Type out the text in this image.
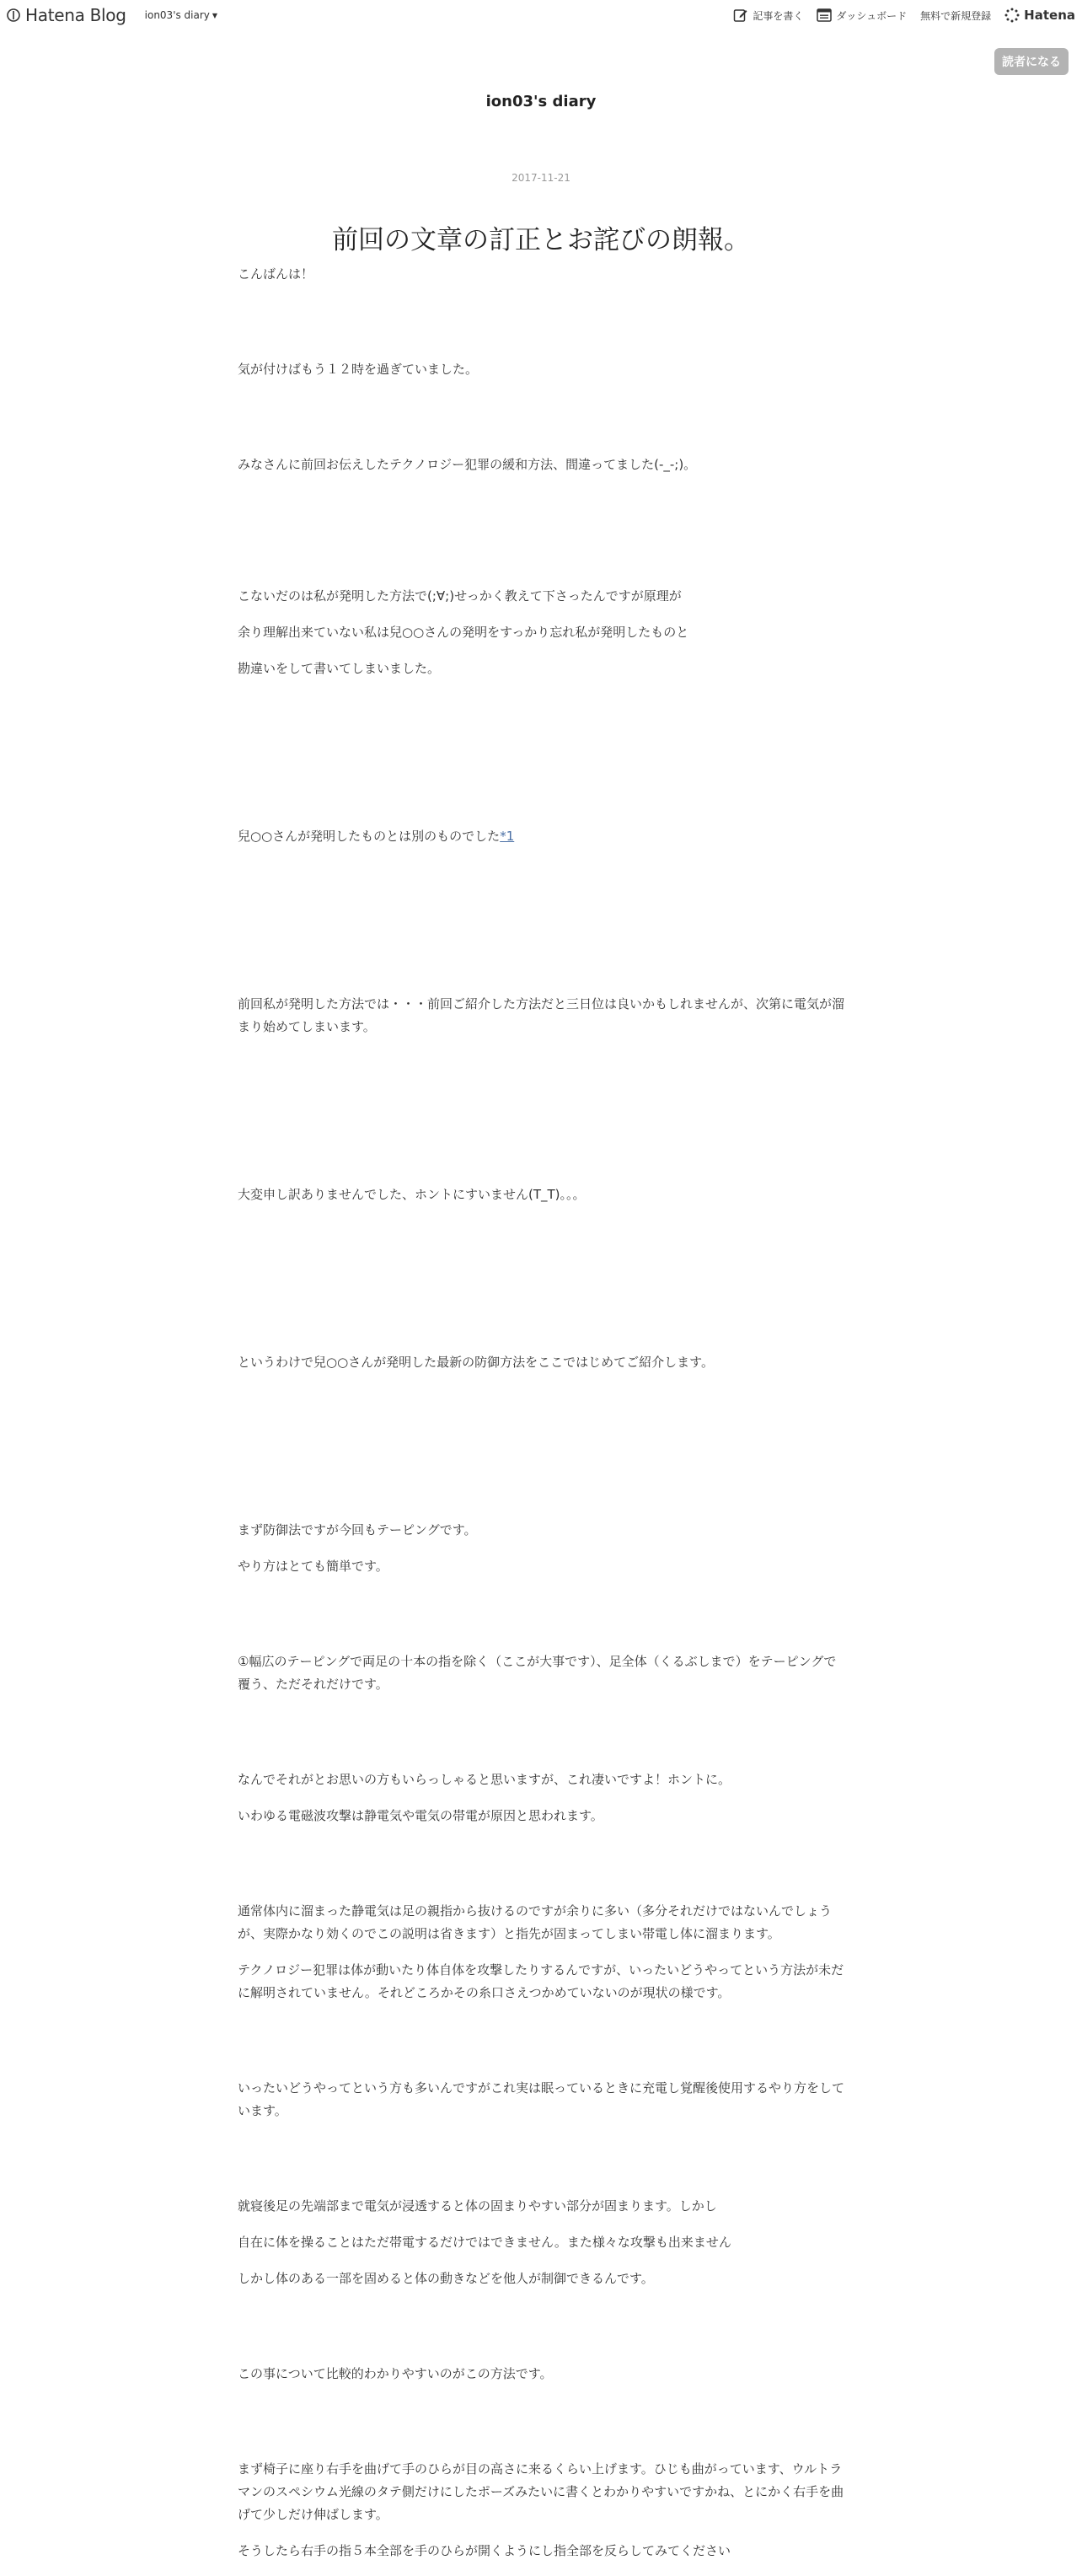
Hatena Blog ion03's diary ▼	記事を書く	ダッシュボード 無料で新規登録	Hatena
読者になる
ion03's diary
2017-11-21
前回の文章の訂正とお詫びの朗報。

こんばんは！

気が付けばもう１２時を過ぎていました。

みなさんに前回お伝えしたテクノロジー犯罪の緩和方法、間違ってました(-_-;)。

こないだのは私が発明した方法で(;∀;)せっかく教えて下さったんですが原理が

余り理解出来ていない私は兒○○さんの発明をすっかり忘れ私が発明したものと

勘違いをして書いてしまいました。

兒○○さんが発明したものとは別のものでした*1

前回私が発明した方法では・・・前回ご紹介した方法だと三日位は良いかもしれませんが、次第に電気が溜まり始めてしまいます。

大変申し訳ありませんでした、ホントにすいません(T_T)。。。

というわけで兒○○さんが発明した最新の防御方法をここではじめてご紹介します。

まず防御法ですが今回もテーピングです。

やり方はとても簡単です。

①幅広のテーピングで両足の十本の指を除く（ここが大事です）、足全体（くるぶしまで）をテーピングで覆う、ただそれだけです。

なんでそれがとお思いの方もいらっしゃると思いますが、これ凄いですよ！ホントに。

いわゆる電磁波攻撃は静電気や電気の帯電が原因と思われます。

通常体内に溜まった静電気は足の親指から抜けるのですが余りに多い（多分それだけではないんでしょうが、実際かなり効くのでこの説明は省きます）と指先が固まってしまい帯電し体に溜まります。

テクノロジー犯罪は体が動いたり体自体を攻撃したりするんですが、いったいどうやってという方法が未だに解明されていません。それどころかその糸口さえつかめていないのが現状の様です。

いったいどうやってという方も多いんですがこれ実は眠っているときに充電し覚醒後使用するやり方をしています。

就寝後足の先端部まで電気が浸透すると体の固まりやすい部分が固まります。しかし

自在に体を操ることはただ帯電するだけではできません。また様々な攻撃も出来ません

しかし体のある一部を固めると体の動きなどを他人が制御できるんです。

この事について比較的わかりやすいのがこの方法です。

まず椅子に座り右手を曲げて手のひらが目の高さに来るくらい上げます。ひじも曲がっています、ウルトラマンのスペシウム光線のタテ側だけにしたポーズみたいに書くとわかりやすいですかね、とにかく右手を曲げて少しだけ伸ばします。

そうしたら右手の指５本全部を手のひらが開くようにし指全部を反らしてみてください
